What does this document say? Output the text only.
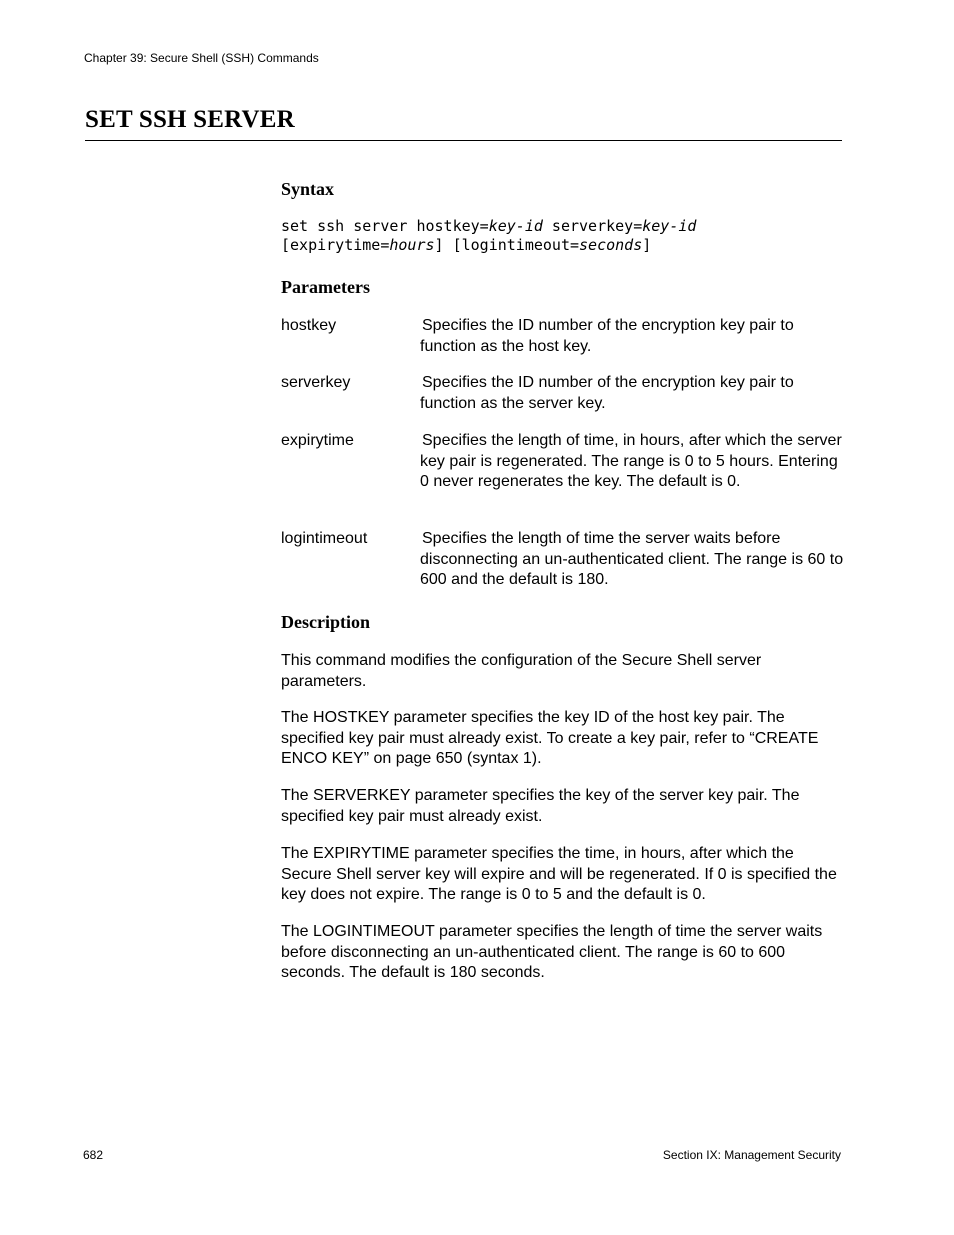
Chapter 39: Secure Shell (SSH) Commands
SET SSH SERVER
Syntax
set ssh server hostkey=key-id serverkey=key-id
[expirytime=hours] [logintimeout=seconds]
Parameters
hostkey	Specifies the ID number of the encryption key pair to function as the host key.
serverkey	Specifies the ID number of the encryption key pair to function as the server key.
expirytime	Specifies the length of time, in hours, after which the server key pair is regenerated. The range is 0 to 5 hours. Entering 0 never regenerates the key. The default is 0.
logintimeout	Specifies the length of time the server waits before disconnecting an un-authenticated client. The range is 60 to 600 and the default is 180.
Description

This command modifies the configuration of the Secure Shell server parameters.

The HOSTKEY parameter specifies the key ID of the host key pair. The specified key pair must already exist. To create a key pair, refer to “CREATE ENCO KEY” on page 650 (syntax 1).

The SERVERKEY parameter specifies the key of the server key pair. The specified key pair must already exist.

The EXPIRYTIME parameter specifies the time, in hours, after which the Secure Shell server key will expire and will be regenerated. If 0 is specified the key does not expire. The range is 0 to 5 and the default is 0.

The LOGINTIMEOUT parameter specifies the length of time the server waits before disconnecting an un-authenticated client. The range is 60 to 600 seconds. The default is 180 seconds.

682	Section IX: Management Security
